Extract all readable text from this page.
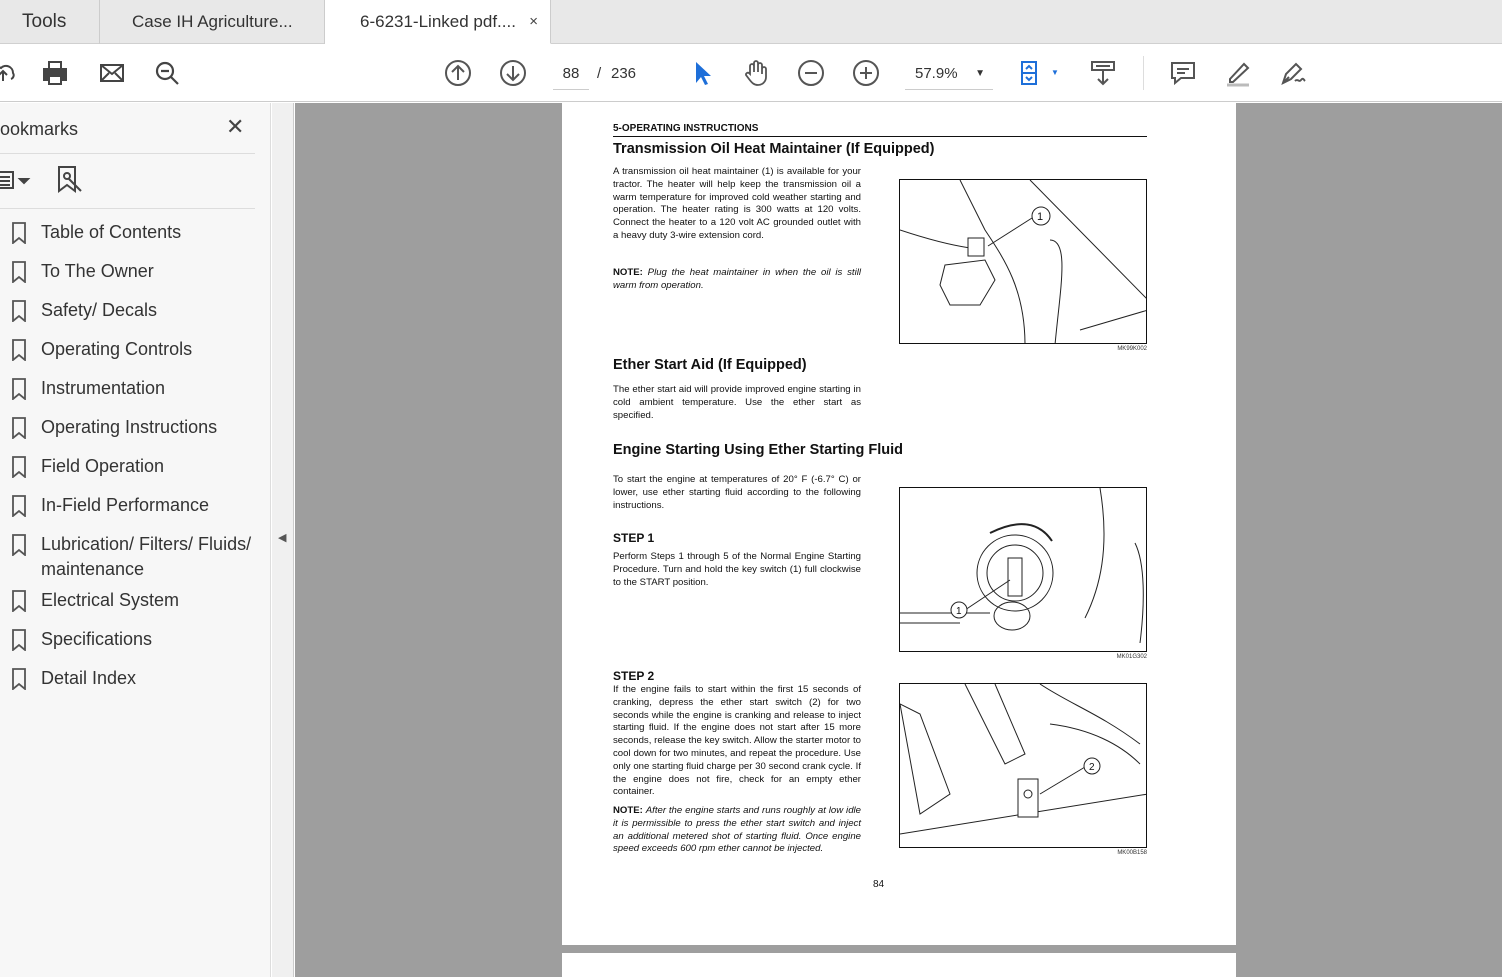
Tools	Case IH Agriculture...	6-6231-Linked pdf.... ×
88	/ 236	57.9% ▼	▼
ookmarks	✕
Table of Contents
To The Owner
Safety/ Decals
Operating Controls
Instrumentation
Operating Instructions
Field Operation
In-Field Performance
Lubrication/ Filters/ Fluids/ maintenance
Electrical System
Specifications
Detail Index
◀
5-OPERATING INSTRUCTIONS
Transmission Oil Heat Maintainer (If Equipped)
A transmission oil heat maintainer (1) is available for your tractor. The heater will help keep the transmission oil a warm temperature for improved cold weather starting and operation. The heater rating is 300 watts at 120 volts. Connect the heater to a 120 volt AC grounded outlet with a heavy duty 3-wire extension cord.
NOTE: Plug the heat maintainer in when the oil is still warm from operation.
1
MK99K002
Ether Start Aid (If Equipped)
The ether start aid will provide improved engine starting in cold ambient temperature. Use the ether start as specified.
Engine Starting Using Ether Starting Fluid
To start the engine at temperatures of 20° F (-6.7° C) or lower, use ether starting fluid according to the following instructions.
STEP 1
Perform Steps 1 through 5 of the Normal Engine Starting Procedure. Turn and hold the key switch (1) full clockwise to the START position.
1
MK01G302
STEP 2
If the engine fails to start within the first 15 seconds of cranking, depress the ether start switch (2) for two seconds while the engine is cranking and release to inject starting fluid. If the engine does not start after 15 more seconds, release the key switch. Allow the starter motor to cool down for two minutes, and repeat the procedure. Use only one starting fluid charge per 30 second crank cycle. If the engine does not fire, check for an empty ether container.
NOTE: After the engine starts and runs roughly at low idle it is permissible to press the ether start switch and inject an additional metered shot of starting fluid. Once engine speed exceeds 600 rpm ether cannot be injected.
2
MK00B158
84
